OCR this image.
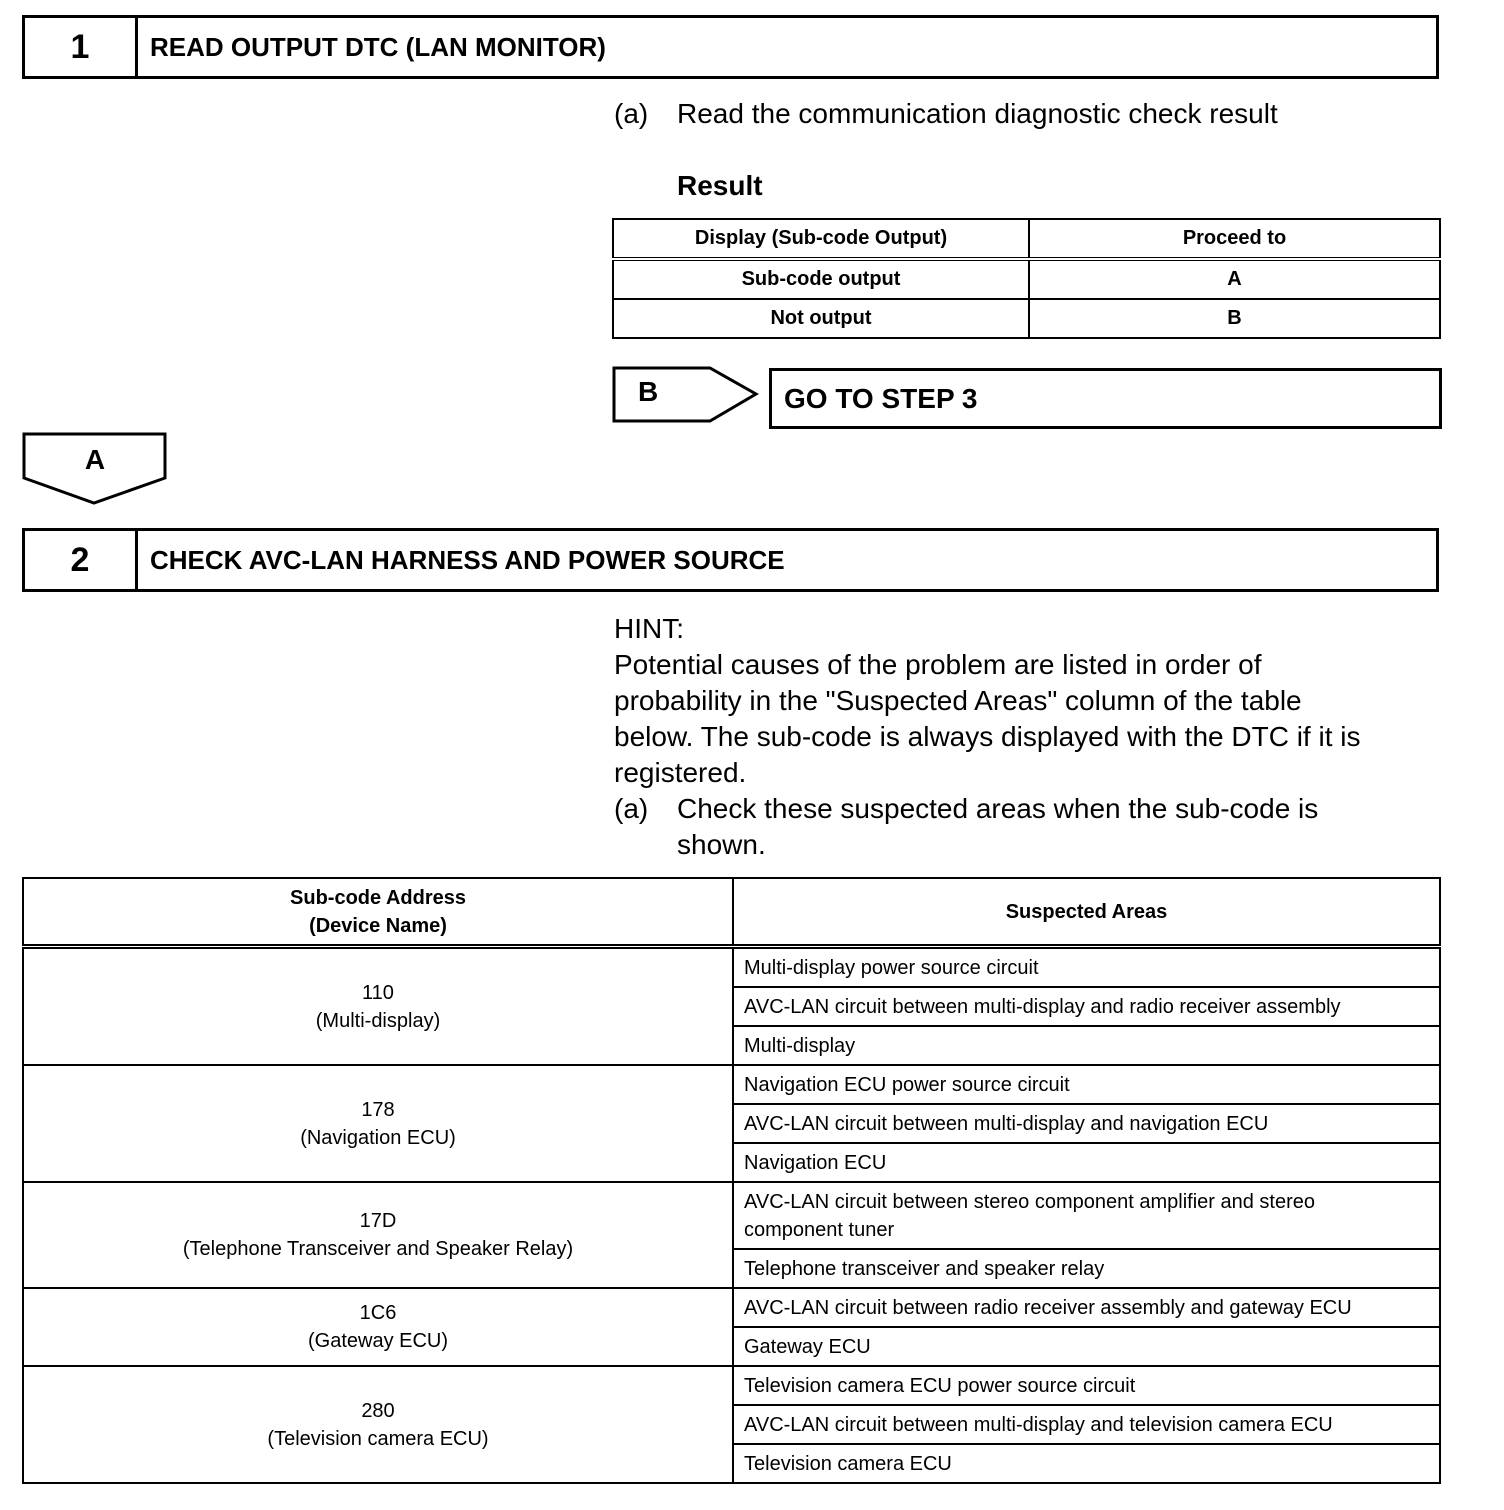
1	READ OUTPUT DTC (LAN MONITOR)
(a) Read the communication diagnostic check result
Result
Display (Sub-code Output)	Proceed to
Sub-code output	A
Not output	B
B	GO TO STEP 3
A
2	CHECK AVC-LAN HARNESS AND POWER SOURCE
HINT:
Potential causes of the problem are listed in order of
probability in the "Suspected Areas" column of the table
below. The sub-code is always displayed with the DTC if it is
registered.
(a) Check these suspected areas when the sub-code is
shown.
Sub-code Address
(Device Name)	Suspected Areas

110
(Multi-display)	Multi-display power source circuit
	AVC-LAN circuit between multi-display and radio receiver assembly
	Multi-display

178
(Navigation ECU)	Navigation ECU power source circuit
	AVC-LAN circuit between multi-display and navigation ECU
	Navigation ECU

17D
(Telephone Transceiver and Speaker Relay)	AVC-LAN circuit between stereo component amplifier and stereo component tuner
	Telephone transceiver and speaker relay

1C6
(Gateway ECU)	AVC-LAN circuit between radio receiver assembly and gateway ECU
	Gateway ECU

280
(Television camera ECU)	Television camera ECU power source circuit
	AVC-LAN circuit between multi-display and television camera ECU
	Television camera ECU
